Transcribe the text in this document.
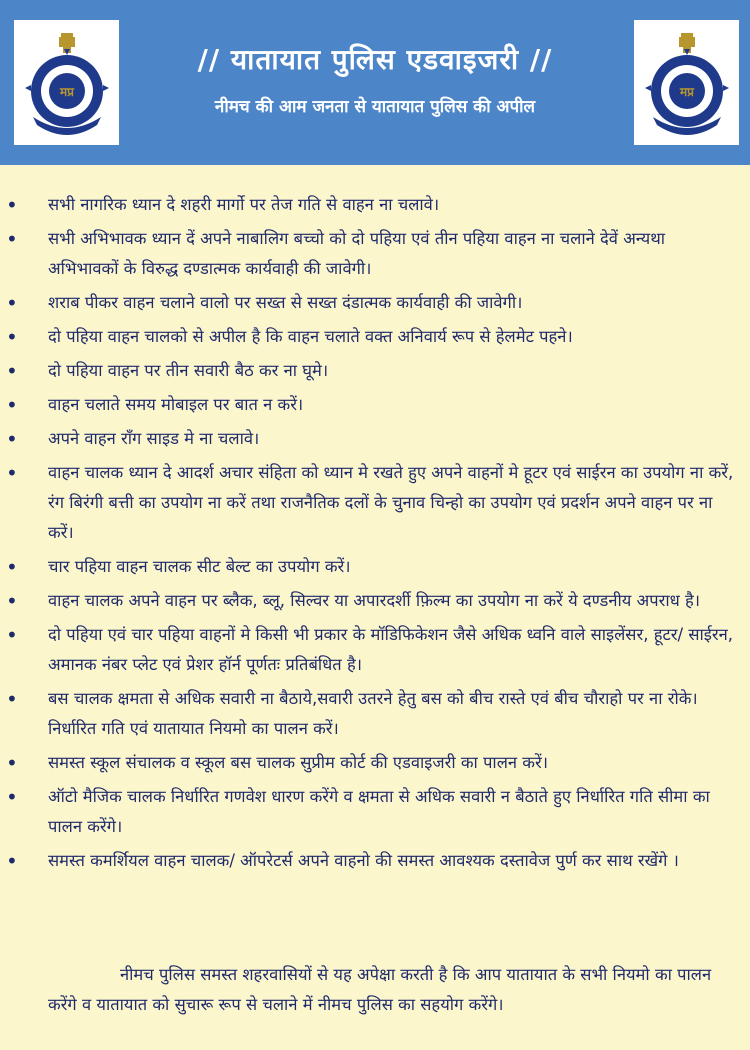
मप्र
// यातायात पुलिस एडवाइजरी //
नीमच की आम जनता से यातायात पुलिस की अपील
मप्र
• सभी नागरिक ध्यान दे शहरी मार्गो पर तेज गति से वाहन ना चलावे।
• सभी अभिभावक ध्यान दें अपने नाबालिग बच्चो को दो पहिया एवं तीन पहिया वाहन ना चलाने देवें अन्यथा अभिभावकों के विरुद्ध दण्डात्मक कार्यवाही की जावेगी।
• शराब पीकर वाहन चलाने वालो पर सख्त से सख्त दंडात्मक कार्यवाही की जावेगी।
• दो पहिया वाहन चालको से अपील है कि वाहन चलाते वक्त अनिवार्य रूप से हेलमेट पहने।
• दो पहिया वाहन पर तीन सवारी बैठ कर ना घूमे।
• वाहन चलाते समय मोबाइल पर बात न करें।
• अपने वाहन रॉंग साइड मे ना चलावे।
• वाहन चालक ध्यान दे आदर्श अचार संहिता को ध्यान मे रखते हुए अपने वाहनों मे हूटर एवं साईरन का उपयोग ना करें, रंग बिरंगी बत्ती का उपयोग ना करें तथा राजनैतिक दलों के चुनाव चिन्हो का उपयोग एवं प्रदर्शन अपने वाहन पर ना करें।
• चार पहिया वाहन चालक सीट बेल्ट का उपयोग करें।
• वाहन चालक अपने वाहन पर ब्लैक, ब्लू, सिल्वर या अपारदर्शी फ़िल्म का उपयोग ना करें ये दण्डनीय अपराध है।
• दो पहिया एवं चार पहिया वाहनों मे किसी भी प्रकार के मॉडिफिकेशन जैसे अधिक ध्वनि वाले साइलेंसर, हूटर/ साईरन, अमानक नंबर प्लेट एवं प्रेशर हॉर्न पूर्णतः प्रतिबंधित है।
• बस चालक क्षमता से अधिक सवारी ना बैठाये,सवारी उतरने हेतु बस को बीच रास्ते एवं बीच चौराहो पर ना रोके। निर्धारित गति एवं यातायात नियमो का पालन करें।
• समस्त स्कूल संचालक व स्कूल बस चालक सुप्रीम कोर्ट की एडवाइजरी का पालन करें।
• ऑटो मैजिक चालक निर्धारित गणवेश धारण करेंगे व क्षमता से अधिक सवारी न बैठाते हुए निर्धारित गति सीमा का पालन करेंगे।
• समस्त कमर्शियल वाहन चालक/ ऑपरेटर्स अपने वाहनो की समस्त आवश्यक दस्तावेज पुर्ण कर साथ रखेंगे ।

नीमच पुलिस समस्त शहरवासियों से यह अपेक्षा करती है कि आप यातायात के सभी नियमो का पालन करेंगे व यातायात को सुचारू रूप से चलाने में नीमच पुलिस का सहयोग करेंगे।
